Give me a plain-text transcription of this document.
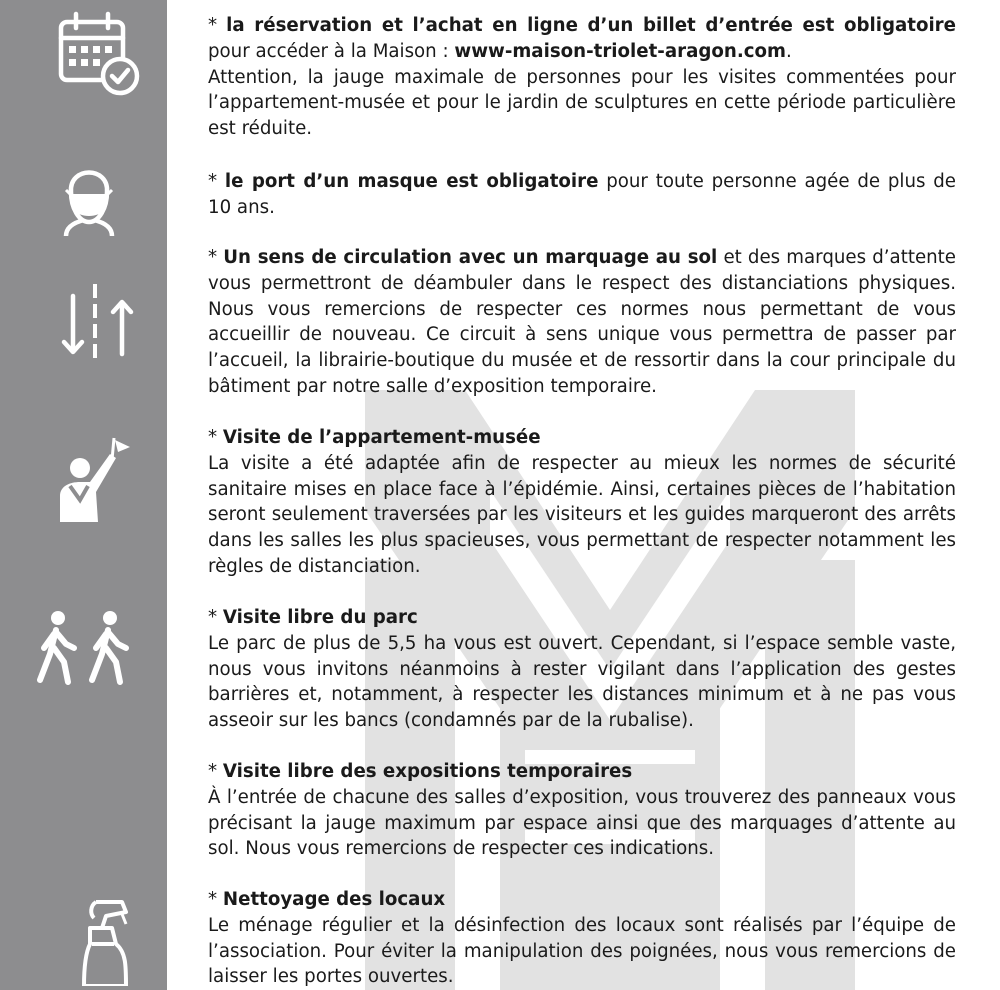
* la réservation et l’achat en ligne d’un billet d’entrée est obligatoire pour accéder à la Maison : www-maison-triolet-aragon.com.

Attention, la jauge maximale de personnes pour les visites commentées pour l’appartement-musée et pour le jardin de sculptures en cette période particulière est réduite.

* le port d’un masque est obligatoire pour toute personne agée de plus de 10 ans.

* Un sens de circulation avec un marquage au sol et des marques d’attente vous permettront de déambuler dans le respect des distanciations physiques. Nous vous remercions de respecter ces normes nous permettant de vous accueillir de nouveau. Ce circuit à sens unique vous permettra de passer par l’accueil, la librairie-boutique du musée et de ressortir dans la cour principale du bâtiment par notre salle d’exposition temporaire.

* Visite de l’appartement-musée

La visite a été adaptée afin de respecter au mieux les normes de sécurité sanitaire mises en place face à l’épidémie. Ainsi, certaines pièces de l’habitation seront seulement traversées par les visiteurs et les guides marqueront des arrêts dans les salles les plus spacieuses, vous permettant de respecter notamment les règles de distanciation.

* Visite libre du parc

Le parc de plus de 5,5 ha vous est ouvert. Cependant, si l’espace semble vaste, nous vous invitons néanmoins à rester vigilant dans l’application des gestes barrières et, notamment, à respecter les distances minimum et à ne pas vous asseoir sur les bancs (condamnés par de la rubalise).

* Visite libre des expositions temporaires

À l’entrée de chacune des salles d’exposition, vous trouverez des panneaux vous précisant la jauge maximum par espace ainsi que des marquages d’attente au sol. Nous vous remercions de respecter ces indications.

* Nettoyage des locaux

Le ménage régulier et la désinfection des locaux sont réalisés par l’équipe de l’association. Pour éviter la manipulation des poignées, nous vous remercions de laisser les portes ouvertes.
